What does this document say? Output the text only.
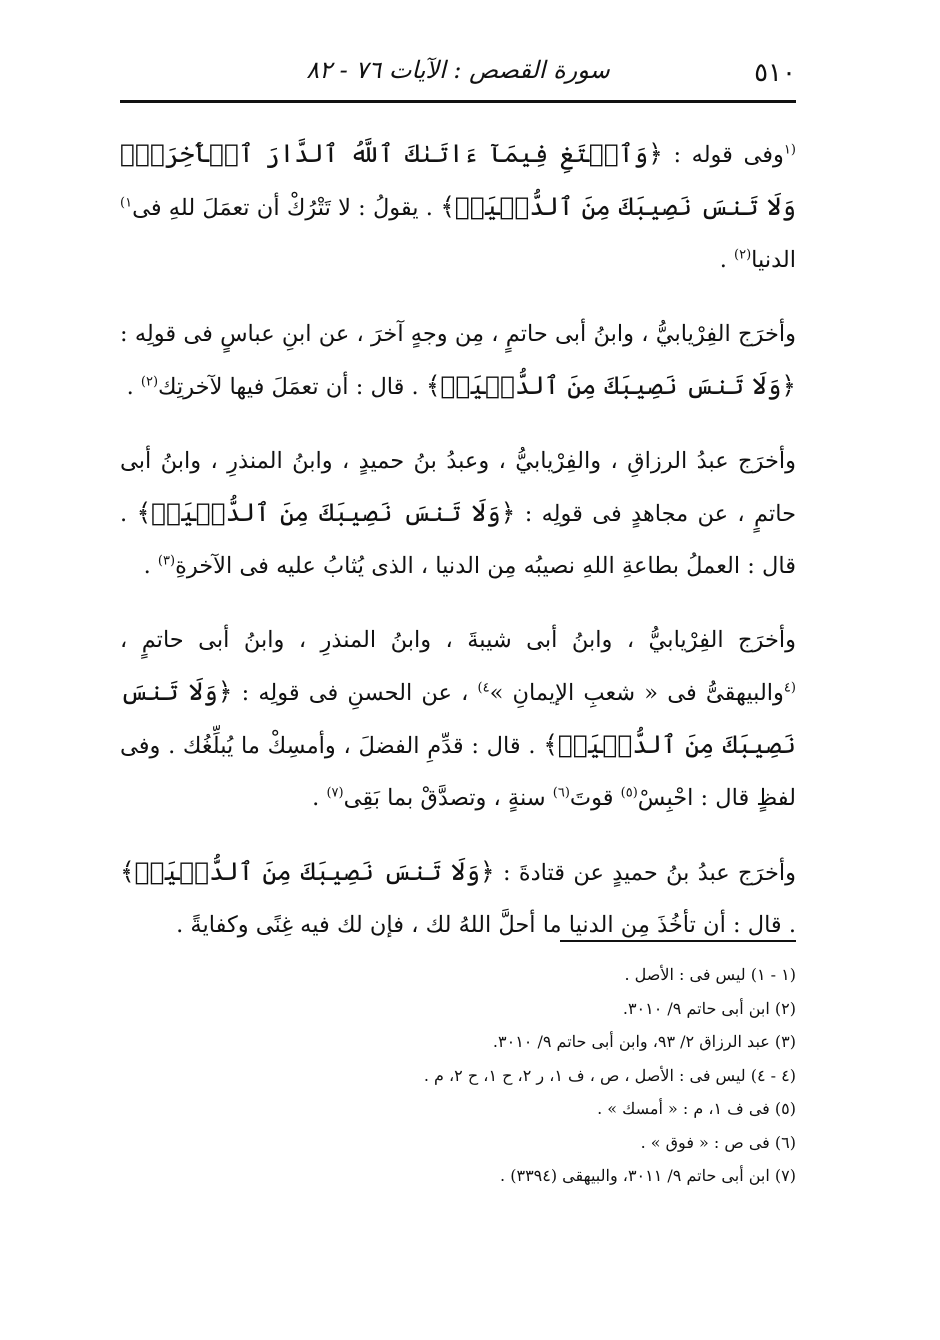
سورة القصص : الآيات ٧٦ - ٨٢	٥١٠

$^{(١}$وفى قوله : ﴿وَٱبۡتَغِ فِيمَآ ءَاتَىٰكَ ٱللَّهُ ٱلدَّارَ ٱلۡأٓخِرَةَۖ وَلَا تَنسَ نَصِيبَكَ مِنَ ٱلدُّنۡيَاۖ﴾ . يقولُ : لا تَتْرُكْ أن تعمَلَ للهِ فى$^{١)}$ الدنيا$^{(٢)}$ .

وأخرَج الفِرْيابيُّ ، وابنُ أبى حاتمٍ ، مِن وجهٍ آخرَ ، عن ابنِ عباسٍ فى قولِه : ﴿وَلَا تَنسَ نَصِيبَكَ مِنَ ٱلدُّنۡيَاۖ﴾ . قال : أن تعمَلَ فيها لآخرتِك$^{(٢)}$ .

وأخرَج عبدُ الرزاقِ ، والفِرْيابيُّ ، وعبدُ بنُ حميدٍ ، وابنُ المنذرِ ، وابنُ أبى حاتمٍ ، عن مجاهدٍ فى قولِه : ﴿وَلَا تَنسَ نَصِيبَكَ مِنَ ٱلدُّنۡيَاۖ﴾ . قال : العملُ بطاعةِ اللهِ نصيبُه مِن الدنيا ، الذى يُثابُ عليه فى الآخرةِ$^{(٣)}$ .

وأخرَج الفِرْيابيُّ ، وابنُ أبى شيبةَ ، وابنُ المنذرِ ، وابنُ أبى حاتمٍ ، $^{(٤}$والبيهقىُّ فى « شعبِ الإيمانِ »$^{٤)}$ ، عن الحسنِ فى قولِه : ﴿وَلَا تَنسَ نَصِيبَكَ مِنَ ٱلدُّنۡيَاۖ﴾ . قال : قدِّمِ الفضلَ ، وأمسِكْ ما يُبلِّغُك . وفى لفظٍ قال : احْبِسْ$^{(٥)}$ قوتَ$^{(٦)}$ سنةٍ ، وتصدَّقْ بما بَقِى$^{(٧)}$ .

وأخرَج عبدُ بنُ حميدٍ عن قتادةَ : ﴿وَلَا تَنسَ نَصِيبَكَ مِنَ ٱلدُّنۡيَاۖ﴾ . قال : أن تأخُذَ مِن الدنيا ما أحلَّ اللهُ لك ، فإن لك فيه غِنًى وكفايةً .

(١ - ١) ليس فى : الأصل .

(٢) ابن أبى حاتم ٩/ ٣٠١٠.

(٣) عبد الرزاق ٢/ ٩٣، وابن أبى حاتم ٩/ ٣٠١٠.

(٤ - ٤) ليس فى : الأصل ، ص ، ف ١، ر ٢، ح ١، ح ٢، م .

(٥) فى ف ١، م : « أمسك » .

(٦) فى ص : « فوق » .

(٧) ابن أبى حاتم ٩/ ٣٠١١، والبيهقى (٣٣٩٤) .
